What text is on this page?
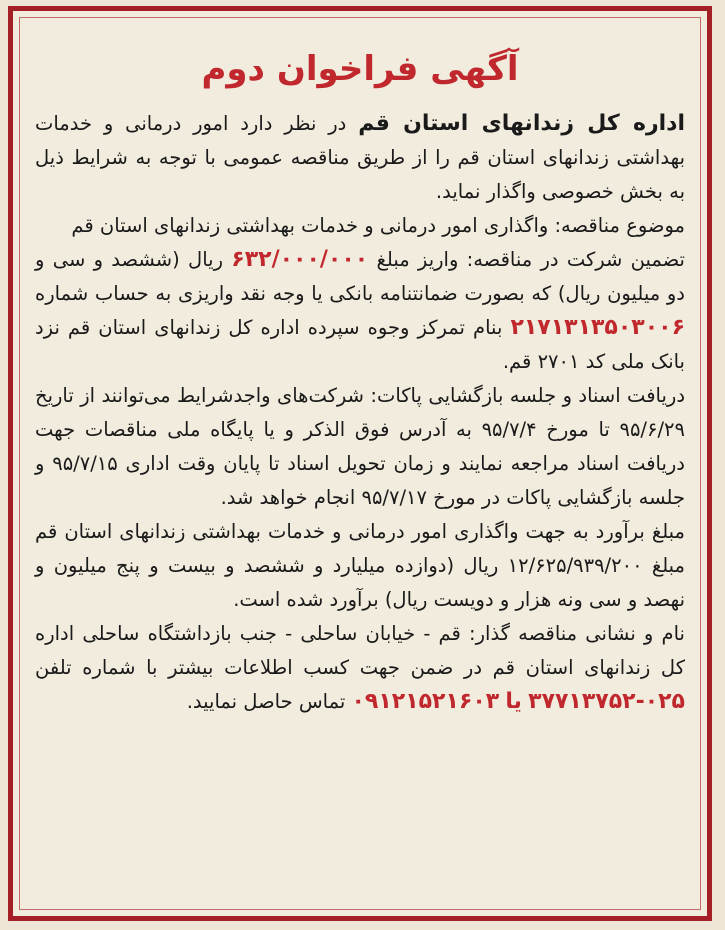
آگهی فراخوان دوم

اداره کل زندانهای استان قم در نظر دارد امور درمانی و خدمات بهداشتی زندانهای استان قم را از طریق مناقصه عمومی با توجه به شرایط ذیل به بخش خصوصی واگذار نماید.

موضوع مناقصه: واگذاری امور درمانی و خدمات بهداشتی زندانهای استان قم

تضمین شرکت در مناقصه: واریز مبلغ ۶۳۲/۰۰۰/۰۰۰ ریال (ششصد و سی و دو میلیون ریال) که بصورت ضمانتنامه بانکی یا وجه نقد واریزی به حساب شماره ۲۱۷۱۳۱۳۵۰۳۰۰۶ بنام تمرکز وجوه سپرده اداره کل زندانهای استان قم نزد بانک ملی کد ۲۷۰۱ قم.

دریافت اسناد و جلسه بازگشایی پاکات: شرکت‌های واجدشرایط می‌توانند از تاریخ ۹۵/۶/۲۹ تا مورخ ۹۵/۷/۴ به آدرس فوق الذکر و یا پایگاه ملی مناقصات جهت دریافت اسناد مراجعه نمایند و زمان تحویل اسناد تا پایان وقت اداری ۹۵/۷/۱۵ و جلسه بازگشایی پاکات در مورخ ۹۵/۷/۱۷ انجام خواهد شد.

مبلغ برآورد به جهت واگذاری امور درمانی و خدمات بهداشتی زندانهای استان قم مبلغ ۱۲/۶۲۵/۹۳۹/۲۰۰ ریال (دوازده میلیارد و ششصد و بیست و پنج میلیون و نهصد و سی ونه هزار و دویست ریال) برآورد شده است.

نام و نشانی مناقصه گذار: قم - خیابان ساحلی - جنب بازداشتگاه ساحلی اداره کل زندانهای استان قم در ضمن جهت کسب اطلاعات بیشتر با شماره تلفن ۰۲۵-۳۷۷۱۳۷۵۲ یا ۰۹۱۲۱۵۲۱۶۰۳ تماس حاصل نمایید.
